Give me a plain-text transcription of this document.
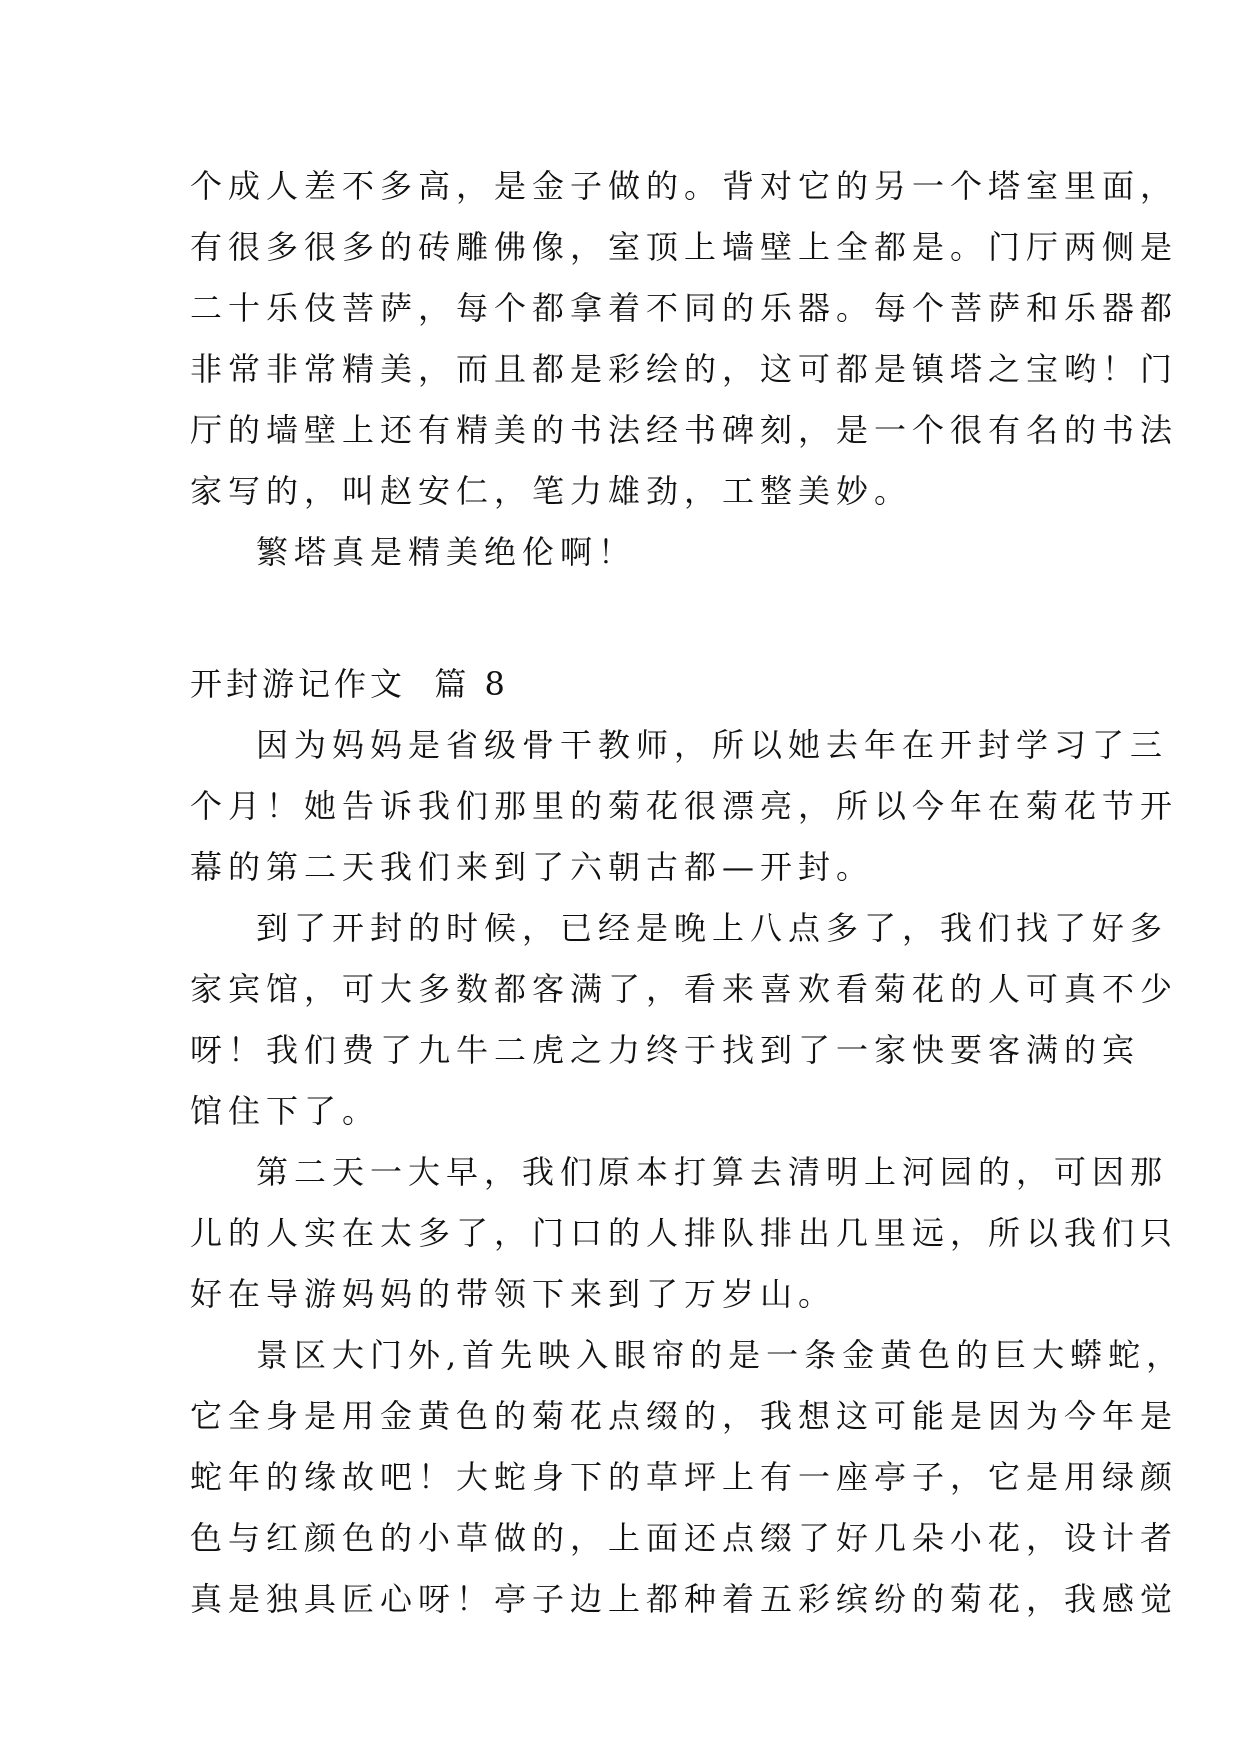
个成人差不多高，是金子做的。背对它的另一个塔室里面，
有很多很多的砖雕佛像，室顶上墙壁上全都是。门厅两侧是
二十乐伎菩萨，每个都拿着不同的乐器。每个菩萨和乐器都
非常非常精美，而且都是彩绘的，这可都是镇塔之宝哟！门
厅的墙壁上还有精美的书法经书碑刻，是一个很有名的书法
家写的，叫赵安仁，笔力雄劲，工整美妙。
繁塔真是精美绝伦啊！
开封游记作文  篇 8
因为妈妈是省级骨干教师，所以她去年在开封学习了三
个月！她告诉我们那里的菊花很漂亮，所以今年在菊花节开
幕的第二天我们来到了六朝古都—开封。
到了开封的时候，已经是晚上八点多了，我们找了好多
家宾馆，可大多数都客满了，看来喜欢看菊花的人可真不少
呀！我们费了九牛二虎之力终于找到了一家快要客满的宾
馆住下了。
第二天一大早，我们原本打算去清明上河园的，可因那
儿的人实在太多了，门口的人排队排出几里远，所以我们只
好在导游妈妈的带领下来到了万岁山。
景区大门外,首先映入眼帘的是一条金黄色的巨大蟒蛇，
它全身是用金黄色的菊花点缀的，我想这可能是因为今年是
蛇年的缘故吧！大蛇身下的草坪上有一座亭子，它是用绿颜
色与红颜色的小草做的，上面还点缀了好几朵小花，设计者
真是独具匠心呀！亭子边上都种着五彩缤纷的菊花，我感觉
